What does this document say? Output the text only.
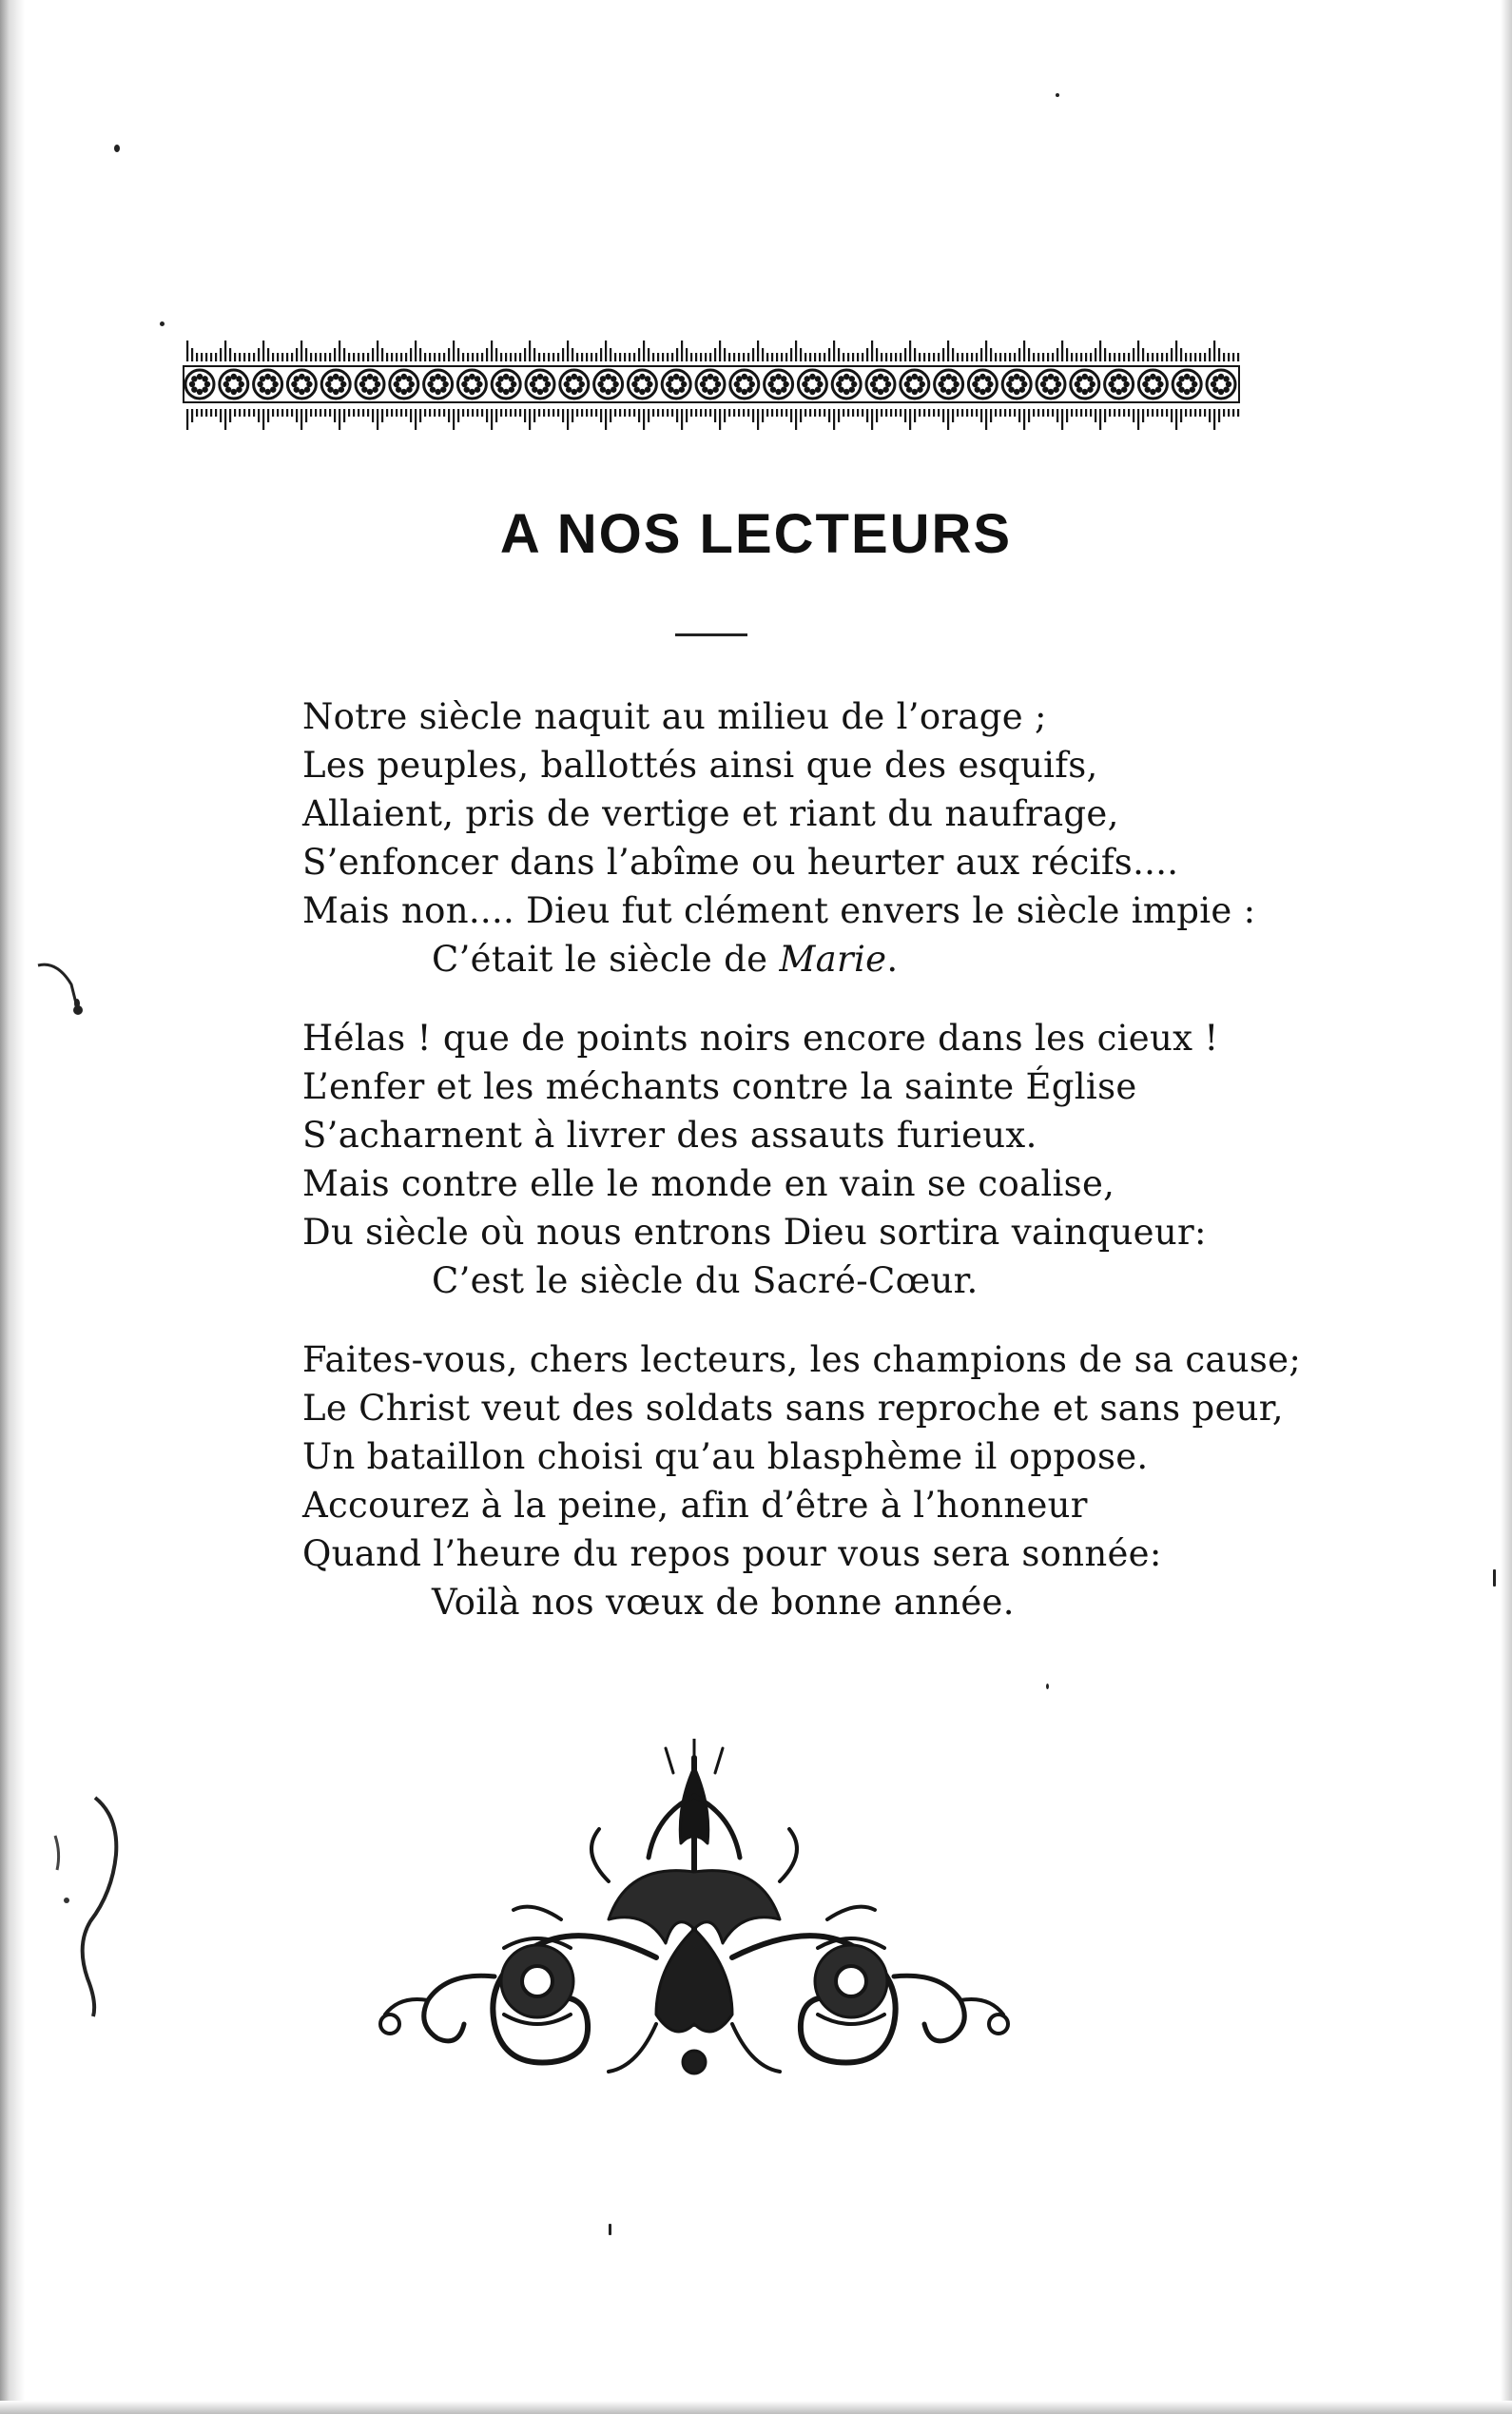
A NOS LECTEURS
Notre siècle naquit au milieu de l’orage ;
Les peuples, ballottés ainsi que des esquifs,
Allaient, pris de vertige et riant du naufrage,
S’enfoncer dans l’abîme ou heurter aux récifs....
Mais non.... Dieu fut clément envers le siècle impie :
C’était le siècle de Marie.
Hélas ! que de points noirs encore dans les cieux !
L’enfer et les méchants contre la sainte Église
S’acharnent à livrer des assauts furieux.
Mais contre elle le monde en vain se coalise,
Du siècle où nous entrons Dieu sortira vainqueur:
C’est le siècle du Sacré-Cœur.
Faites-vous, chers lecteurs, les champions de sa cause;
Le Christ veut des soldats sans reproche et sans peur,
Un bataillon choisi qu’au blasphème il oppose.
Accourez à la peine, afin d’être à l’honneur
Quand l’heure du repos pour vous sera sonnée:
Voilà nos vœux de bonne année.
